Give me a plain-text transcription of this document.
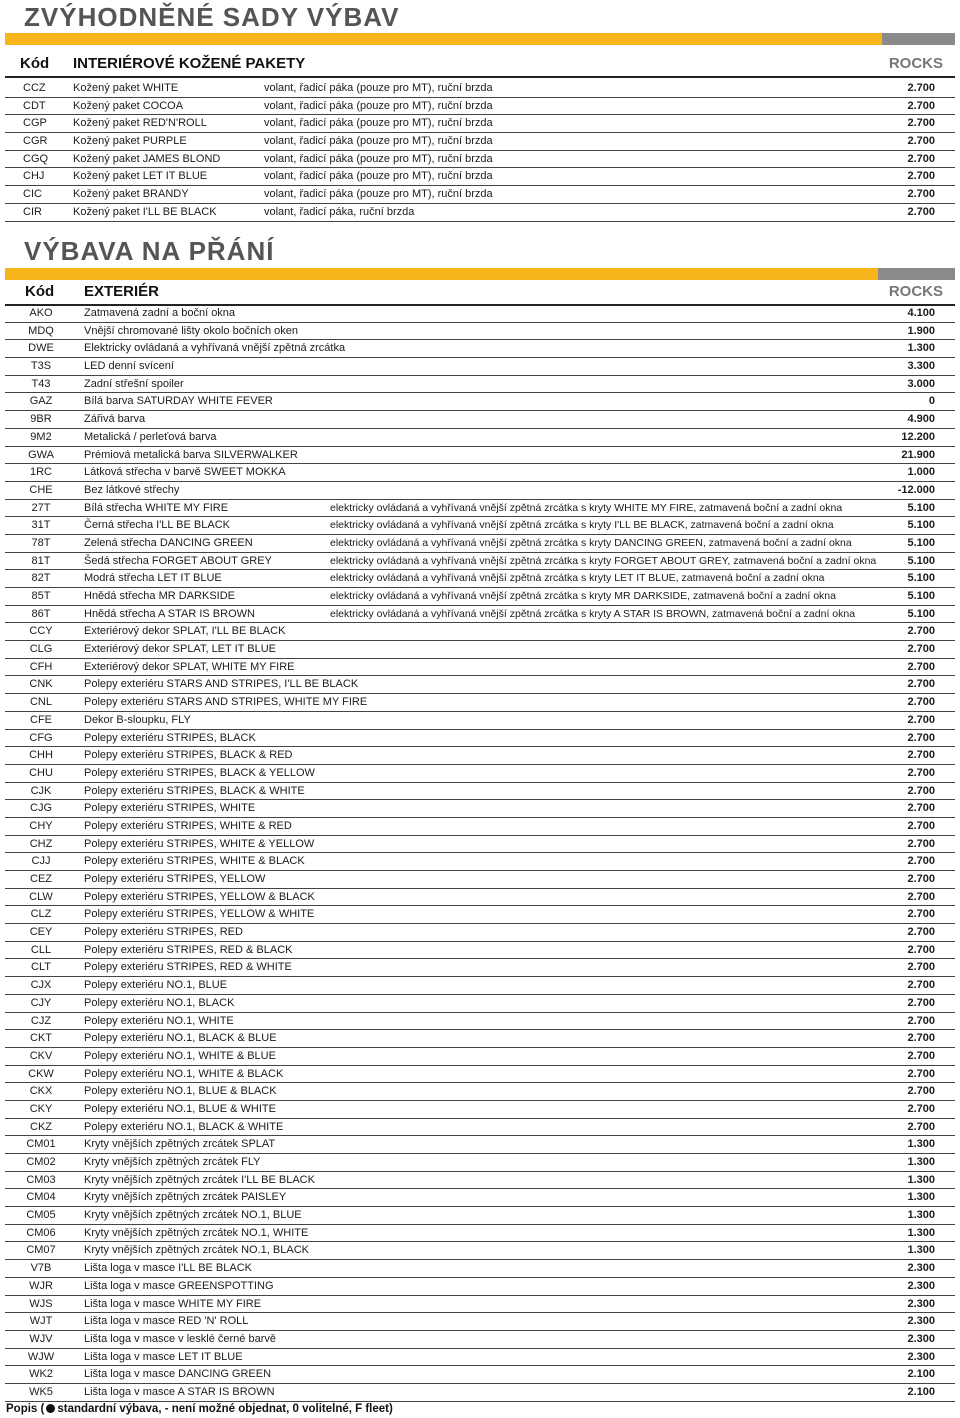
ZVÝHODNĚNÉ SADY VÝBAV
Kód INTERIÉROVÉ KOŽENÉ PAKETY	ROCKS
CCZ Kožený paket WHITE	volant, řadicí páka (pouze pro MT), ruční brzda	2.700
CDT Kožený paket COCOA	volant, řadicí páka (pouze pro MT), ruční brzda	2.700
CGP Kožený paket RED'N'ROLL	volant, řadicí páka (pouze pro MT), ruční brzda	2.700
CGR Kožený paket PURPLE	volant, řadicí páka (pouze pro MT), ruční brzda	2.700
CGQ Kožený paket JAMES BLOND	volant, řadicí páka (pouze pro MT), ruční brzda	2.700
CHJ	Kožený paket LET IT BLUE	volant, řadicí páka (pouze pro MT), ruční brzda	2.700
CIC	Kožený paket BRANDY	volant, řadicí páka (pouze pro MT), ruční brzda	2.700
CIR	Kožený paket I'LL BE BLACK	volant, řadicí páka, ruční brzda	2.700
VÝBAVA NA PŘÁNÍ
Kód EXTERIÉR	ROCKS
AKO	Zatmavená zadní a boční okna	4.100
MDQ	Vnější chromované lišty okolo bočních oken	1.900
DWE	Elektricky ovládaná a vyhřívaná vnější zpětná zrcátka	1.300
T3S	LED denní svícení	3.300
T43	Zadní střešní spoiler	3.000
GAZ	Bílá barva SATURDAY WHITE FEVER	0
9BR	Zářivá barva	4.900
9M2	Metalická / perleťová barva	12.200
GWA	Prémiová metalická barva SILVERWALKER	21.900
1RC	Látková střecha v barvě SWEET MOKKA	1.000
CHE	Bez látkové střechy	-12.000
27T	Bílá střecha WHITE MY FIRE	elektricky ovládaná a vyhřívaná vnější zpětná zrcátka s kryty WHITE MY FIRE, zatmavená boční a zadní okna	5.100
31T	Černá střecha I'LL BE BLACK	elektricky ovládaná a vyhřívaná vnější zpětná zrcátka s kryty I'LL BE BLACK, zatmavená boční a zadní okna	5.100
78T	Zelená střecha DANCING GREEN	elektricky ovládaná a vyhřívaná vnější zpětná zrcátka s kryty DANCING GREEN, zatmavená boční a zadní okna	5.100
81T	Šedá střecha FORGET ABOUT GREY	elektricky ovládaná a vyhřívaná vnější zpětná zrcátka s kryty FORGET ABOUT GREY, zatmavená boční a zadní okna	5.100
82T	Modrá střecha LET IT BLUE	elektricky ovládaná a vyhřívaná vnější zpětná zrcátka s kryty LET IT BLUE, zatmavená boční a zadní okna	5.100
85T	Hnědá střecha MR DARKSIDE	elektricky ovládaná a vyhřívaná vnější zpětná zrcátka s kryty MR DARKSIDE, zatmavená boční a zadní okna	5.100
86T	Hnědá střecha A STAR IS BROWN	elektricky ovládaná a vyhřívaná vnější zpětná zrcátka s kryty A STAR IS BROWN, zatmavená boční a zadní okna	5.100
CCY	Exteriérový dekor SPLAT, I'LL BE BLACK	2.700
CLG	Exteriérový dekor SPLAT, LET IT BLUE	2.700
CFH	Exteriérový dekor SPLAT, WHITE MY FIRE	2.700
CNK	Polepy exteriéru STARS AND STRIPES, I'LL BE BLACK	2.700
CNL	Polepy exteriéru STARS AND STRIPES, WHITE MY FIRE	2.700
CFE	Dekor B-sloupku, FLY	2.700
CFG	Polepy exteriéru STRIPES, BLACK	2.700
CHH	Polepy exteriéru STRIPES, BLACK & RED	2.700
CHU	Polepy exteriéru STRIPES, BLACK & YELLOW	2.700
CJK	Polepy exteriéru STRIPES, BLACK & WHITE	2.700
CJG	Polepy exteriéru STRIPES, WHITE	2.700
CHY	Polepy exteriéru STRIPES, WHITE & RED	2.700
CHZ	Polepy exteriéru STRIPES, WHITE & YELLOW	2.700
CJJ	Polepy exteriéru STRIPES, WHITE & BLACK	2.700
CEZ	Polepy exteriéru STRIPES, YELLOW	2.700
CLW	Polepy exteriéru STRIPES, YELLOW & BLACK	2.700
CLZ	Polepy exteriéru STRIPES, YELLOW & WHITE	2.700
CEY	Polepy exteriéru STRIPES, RED	2.700
CLL	Polepy exteriéru STRIPES, RED & BLACK	2.700
CLT	Polepy exteriéru STRIPES, RED & WHITE	2.700
CJX	Polepy exteriéru NO.1, BLUE	2.700
CJY	Polepy exteriéru NO.1, BLACK	2.700
CJZ	Polepy exteriéru NO.1, WHITE	2.700
CKT	Polepy exteriéru NO.1, BLACK & BLUE	2.700
CKV	Polepy exteriéru NO.1, WHITE & BLUE	2.700
CKW	Polepy exteriéru NO.1, WHITE & BLACK	2.700
CKX	Polepy exteriéru NO.1, BLUE & BLACK	2.700
CKY	Polepy exteriéru NO.1, BLUE & WHITE	2.700
CKZ	Polepy exteriéru NO.1, BLACK & WHITE	2.700
CM01	Kryty vnějších zpětných zrcátek SPLAT	1.300
CM02	Kryty vnějších zpětných zrcátek FLY	1.300
CM03	Kryty vnějších zpětných zrcátek I'LL BE BLACK	1.300
CM04	Kryty vnějších zpětných zrcátek PAISLEY	1.300
CM05	Kryty vnějších zpětných zrcátek NO.1, BLUE	1.300
CM06	Kryty vnějších zpětných zrcátek NO.1, WHITE	1.300
CM07	Kryty vnějších zpětných zrcátek NO.1, BLACK	1.300
V7B	Lišta loga v masce I'LL BE BLACK	2.300
WJR	Lišta loga v masce GREENSPOTTING	2.300
WJS	Lišta loga v masce WHITE MY FIRE	2.300
WJT	Lišta loga v masce RED 'N' ROLL	2.300
WJV	Lišta loga v masce v lesklé černé barvě	2.300
WJW	Lišta loga v masce LET IT BLUE	2.300
WK2	Lišta loga v masce DANCING GREEN	2.100
WK5	Lišta loga v masce A STAR IS BROWN	2.100
Popis ( standardní výbava, - není možné objednat, 0 volitelné, F fleet)
